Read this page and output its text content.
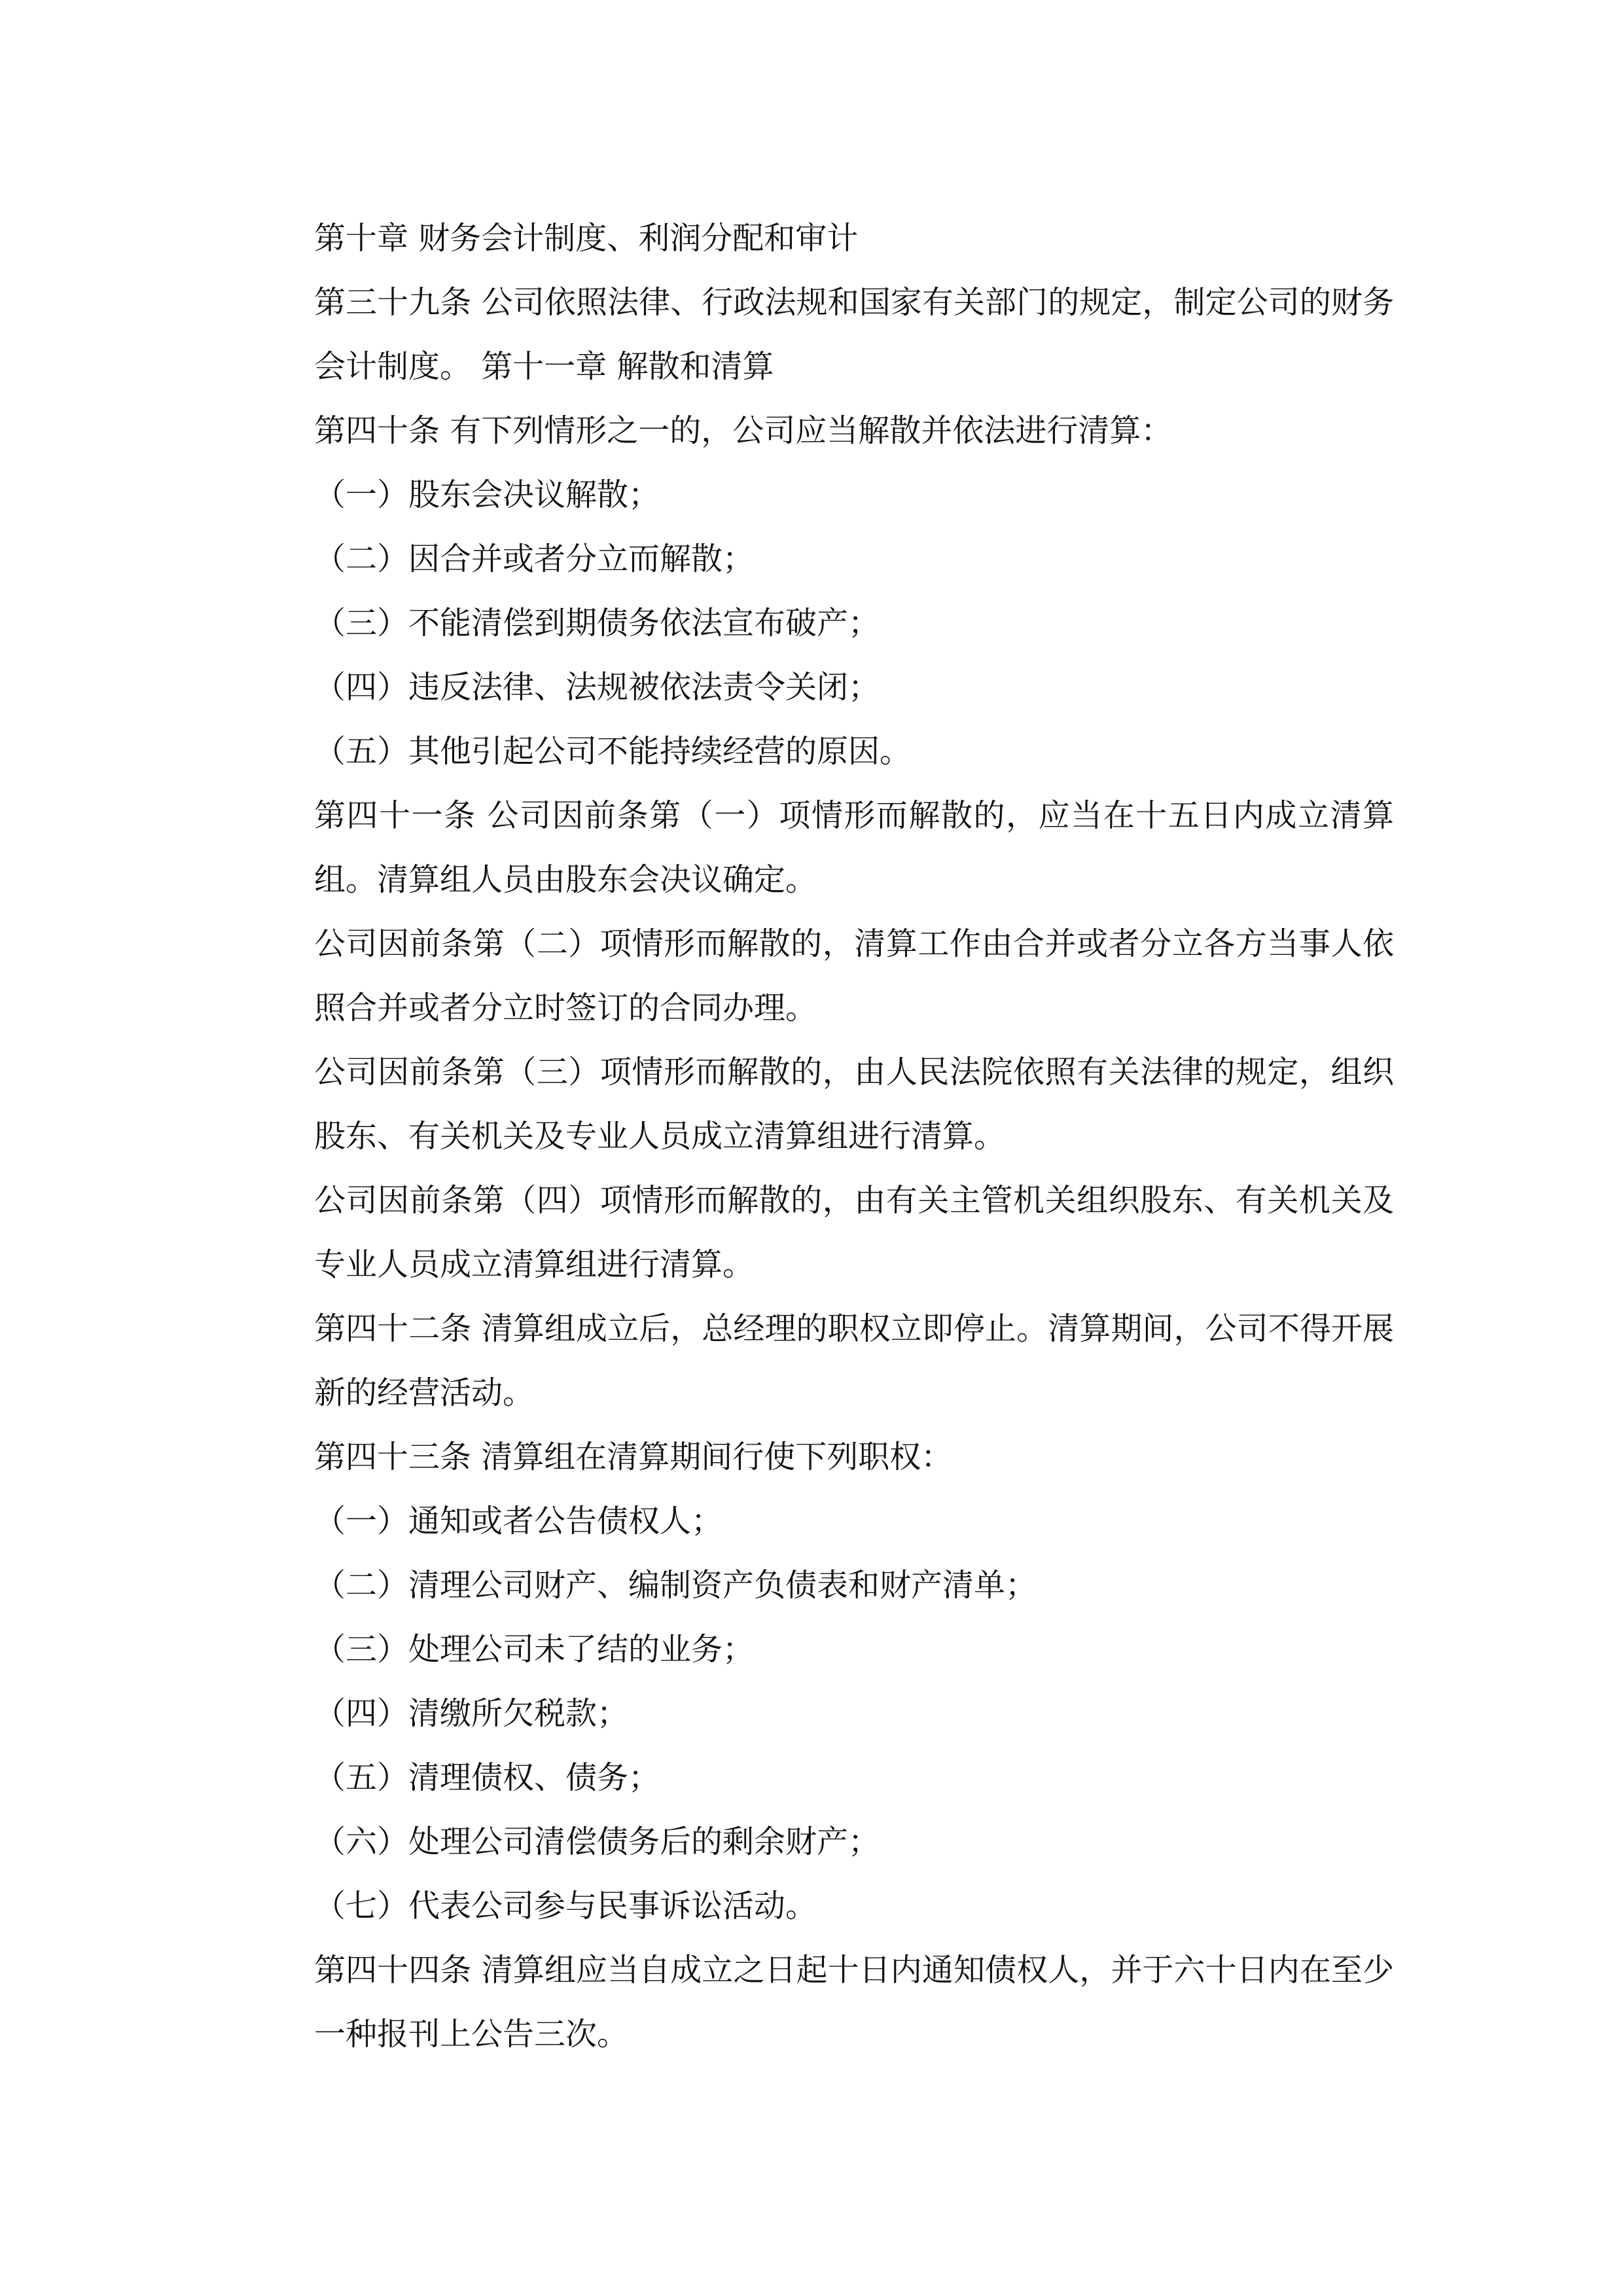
第十章 财务会计制度、利润分配和审计

第三十九条 公司依照法律、行政法规和国家有关部门的规定，制定公司的财务会计制度。 第十一章 解散和清算

第四十条 有下列情形之一的，公司应当解散并依法进行清算：

（一）股东会决议解散；

（二）因合并或者分立而解散；

（三）不能清偿到期债务依法宣布破产；

（四）违反法律、法规被依法责令关闭；

（五）其他引起公司不能持续经营的原因。

第四十一条 公司因前条第（一）项情形而解散的，应当在十五日内成立清算组。清算组人员由股东会决议确定。

公司因前条第（二）项情形而解散的，清算工作由合并或者分立各方当事人依照合并或者分立时签订的合同办理。

公司因前条第（三）项情形而解散的，由人民法院依照有关法律的规定，组织股东、有关机关及专业人员成立清算组进行清算。

公司因前条第（四）项情形而解散的，由有关主管机关组织股东、有关机关及专业人员成立清算组进行清算。

第四十二条 清算组成立后，总经理的职权立即停止。清算期间，公司不得开展新的经营活动。

第四十三条 清算组在清算期间行使下列职权：

（一）通知或者公告债权人；

（二）清理公司财产、编制资产负债表和财产清单；

（三）处理公司未了结的业务；

（四）清缴所欠税款；

（五）清理债权、债务；

（六）处理公司清偿债务后的剩余财产；

（七）代表公司参与民事诉讼活动。

第四十四条 清算组应当自成立之日起十日内通知债权人，并于六十日内在至少一种报刊上公告三次。
